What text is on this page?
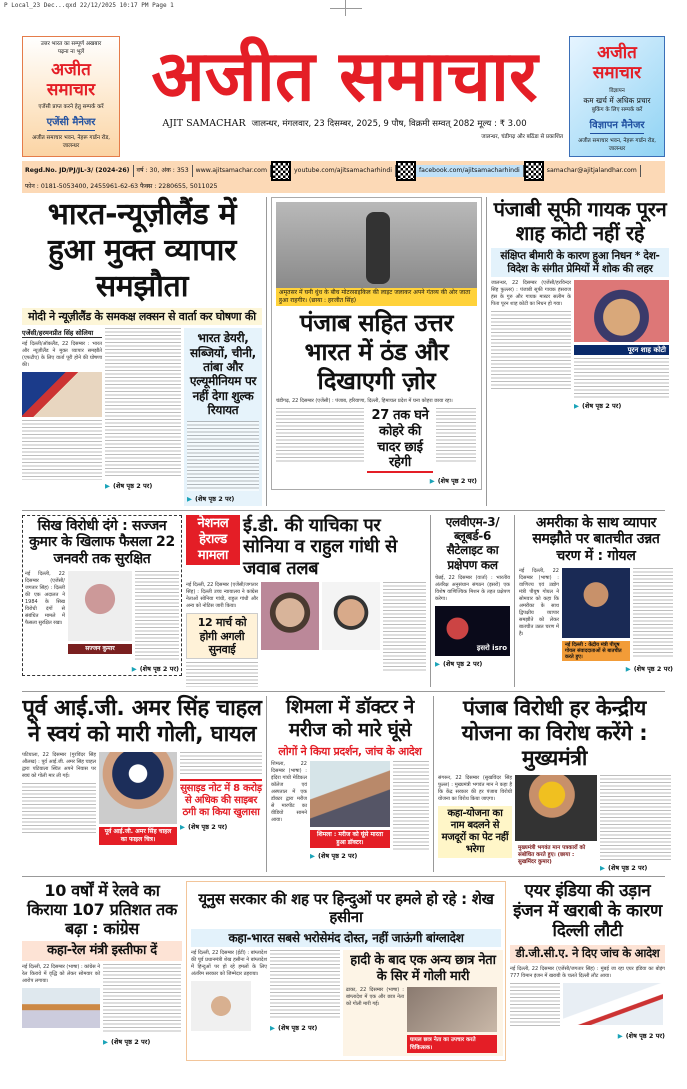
P Local_23 Dec...qxd 22/12/2025 10:17 PM Page 1
उत्तर भारत का सम्पूर्ण अखबार
पढ़ना ना भूलें
अजीत समाचार
एजेंसी प्राप्त करने हेतु सम्पर्क करें
एजेंसी मैनेजर
अजीत समाचार भवन, नेहरू गार्डन रोड, जालन्धर
अजीत समाचार
AJIT SAMACHAR जालन्धर, मंगलवार, 23 दिसम्बर, 2025, 9 पौष, विक्रमी सम्वत् 2082 मूल्य : ₹ 3.00
जालन्धर, चंडीगढ़ और बठिंडा से प्रकाशित
अजीत समाचार
विज्ञापन
कम खर्च में अधिक प्रचार
बुकिंग के लिए सम्पर्क करें
विज्ञापन मैनेजर
अजीत समाचार भवन, नेहरू गार्डन रोड, जालन्धर
Regd.No. JD/PJ/JL-3/ (2024-26)	वर्ष : 30, अंक : 353	www.ajitsamachar.com	youtube.com/ajitsamacharhindi	facebook.com/ajitsamacharhindi	samachar@ajitjalandhar.com
फोन : 0181-5053400, 2455961-62-63 फैक्स : 2280655, 5011025
भारत-न्यूज़ीलैंड में हुआ मुक्त व्यापार समझौता
मोदी ने न्यूज़ीलैंड के समकक्ष लक्सन से वार्ता कर घोषणा की
एजेंसी/हरमनप्रीत सिंह सोलिया
नई दिल्ली/ऑकलैंड, 22 दिसम्बर : भारत और न्यूज़ीलैंड ने मुक्त व्यापार समझौते (एफटीए) के लिए वार्ता पूरी होने की घोषणा की।
▶ (शेष पृष्ठ 2 पर)
भारत डेयरी, सब्जियों, चीनी, तांबा और एल्यूमीनियम पर नहीं देगा शुल्क रियायत
▶ (शेष पृष्ठ 2 पर)
अमृतसर में घनी धुंध के बीच मोटरसाइकिल की लाइट जलाकर अपने गंतव्य की ओर जाता हुआ राहगीर। (छाया : हरजीत सिंह)
पंजाब सहित उत्तर भारत में ठंड और दिखाएगी ज़ोर
चंडीगढ़, 22 दिसम्बर (एजेंसी) : पंजाब, हरियाणा, दिल्ली, हिमाचल प्रदेश में घना कोहरा छाया रहा।
27 तक घने कोहरे की चादर छाई रहेगी
▶ (शेष पृष्ठ 2 पर)
पंजाबी सूफी गायक पूरन शाह कोटी नहीं रहे
संक्षिप्त बीमारी के कारण हुआ निधन * देश-विदेश के संगीत प्रेमियों में शोक की लहर
जालन्धर, 22 दिसम्बर (एजेंसी/हरविन्दर सिंह फुल्लर) : पंजाबी सूफी गायक हंसराज हंस के गुरु और गायक मास्टर सलीम के पिता पूरन शाह कोटी का निधन हो गया।
पूरन शाह कोटी
▶ (शेष पृष्ठ 2 पर)
सिख विरोधी दंगे : सज्जन कुमार के खिलाफ फैसला 22 जनवरी तक सुरक्षित
नई दिल्ली, 22 दिसम्बर (एजेंसी/जगतार सिंह) : दिल्ली की एक अदालत ने 1984 के सिख विरोधी दंगों से संबंधित मामले में फैसला सुरक्षित रखा।
सज्जन कुमार
▶ (शेष पृष्ठ 2 पर)
नेशनल हेराल्ड मामला
ई.डी. की याचिका पर सोनिया व राहुल गांधी से जवाब तलब
नई दिल्ली, 22 दिसम्बर (एजेंसी/जगतार सिंह) : दिल्ली उच्च न्यायालय ने कांग्रेस नेताओं सोनिया गांधी, राहुल गांधी और अन्य को नोटिस जारी किया।
12 मार्च को होगी अगली सुनवाई
एलवीएम-3/ब्लूबर्ड-6 सैटेलाइट का प्रक्षेपण कल
चेन्नई, 22 दिसम्बर (वार्ता) : भारतीय अंतरिक्ष अनुसंधान संगठन (इसरो) एक विशेष वाणिज्यिक मिशन के तहत प्रक्षेपण करेगा।
इसरो isro
▶ (शेष पृष्ठ 2 पर)
अमरीका के साथ व्यापार समझौते पर बातचीत उन्नत चरण में : गोयल
नई दिल्ली, 22 दिसम्बर (भाषा) : वाणिज्य एवं उद्योग मंत्री पीयूष गोयल ने सोमवार को कहा कि अमरीका के साथ द्विपक्षीय व्यापार समझौते को लेकर बातचीत उन्नत चरण में है।
नई दिल्ली : केंद्रीय मंत्री पीयूष गोयल संवाददाताओं से बातचीत करते हुए।
▶ (शेष पृष्ठ 2 पर)
पूर्व आई.जी. अमर सिंह चाहल ने स्वयं को मारी गोली, घायल
पटियाला, 22 दिसम्बर (गुरविंदर सिंह औलख) : पूर्व आई.जी. अमर सिंह चाहल द्वारा पटियाला स्थित अपने निवास पर स्वयं को गोली मार ली गई।
पूर्व आई.जी. अमर सिंह चाहल का फाइल चित्र।
सुसाइड नोट में 8 करोड़ से अधिक की साइबर ठगी का किया खुलासा
▶ (शेष पृष्ठ 2 पर)
शिमला में डॉक्टर ने मरीज को मारे घूंसे
लोगों ने किया प्रदर्शन, जांच के आदेश
शिमला, 22 दिसम्बर (भाषा) : इंदिरा गांधी मेडिकल कॉलेज एवं अस्पताल में एक डॉक्टर द्वारा मरीज से मारपीट का वीडियो सामने आया।
शिमला : मरीज को घूंसे मारता हुआ डॉक्टर।
▶ (शेष पृष्ठ 2 पर)
पंजाब विरोधी हर केन्द्रीय योजना का विरोध करेंगे : मुख्यमंत्री
संगरूर, 22 दिसम्बर (सुखविंदर सिंह फुल्ल) : मुख्यमंत्री भगवंत मान ने कहा है कि केंद्र सरकार की हर पंजाब विरोधी योजना का विरोध किया जाएगा।
कहा-योजना का नाम बदलने से मजदूरों का पेट नहीं भरेगा	मुख्यमंत्री भगवंत मान पत्रकारों को संबोधित करते हुए। (छाया : सुखमिंदर कुमार)
▶ (शेष पृष्ठ 2 पर)
10 वर्षों में रेलवे का किराया 107 प्रतिशत तक बढ़ा : कांग्रेस
कहा-रेल मंत्री इस्तीफा दें
नई दिल्ली, 22 दिसम्बर (भाषा) : कांग्रेस ने रेल किराये में वृद्धि को लेकर सोमवार को आरोप लगाया।
▶ (शेष पृष्ठ 2 पर)
यूनुस सरकार की शह पर हिन्दुओं पर हमले हो रहे : शेख हसीना
कहा-भारत सबसे भरोसेमंद दोस्त, नहीं जाऊंगी बांग्लादेश
नई दिल्ली, 22 दिसम्बर (ईटी) : बांग्लादेश की पूर्व प्रधानमंत्री शेख हसीना ने बांग्लादेश में हिन्दुओं पर हो रहे हमलों के लिए अंतरिम सरकार को जिम्मेदार ठहराया।
▶ (शेष पृष्ठ 2 पर)
हादी के बाद एक अन्य छात्र नेता के सिर में गोली मारी
ढाका, 22 दिसम्बर (भाषा) : बांग्लादेश में एक और छात्र नेता को गोली मारी गई।
घायल छात्र नेता का उपचार करते चिकित्सक।
एयर इंडिया की उड़ान इंजन में खराबी के कारण दिल्ली लौटी
डी.जी.सी.ए. ने दिए जांच के आदेश
नई दिल्ली, 22 दिसम्बर (एजेंसी/जगतार सिंह) : मुंबई जा रहा एयर इंडिया का बोइंग 777 विमान इंजन में खराबी के चलते दिल्ली लौट आया।
▶ (शेष पृष्ठ 2 पर)
